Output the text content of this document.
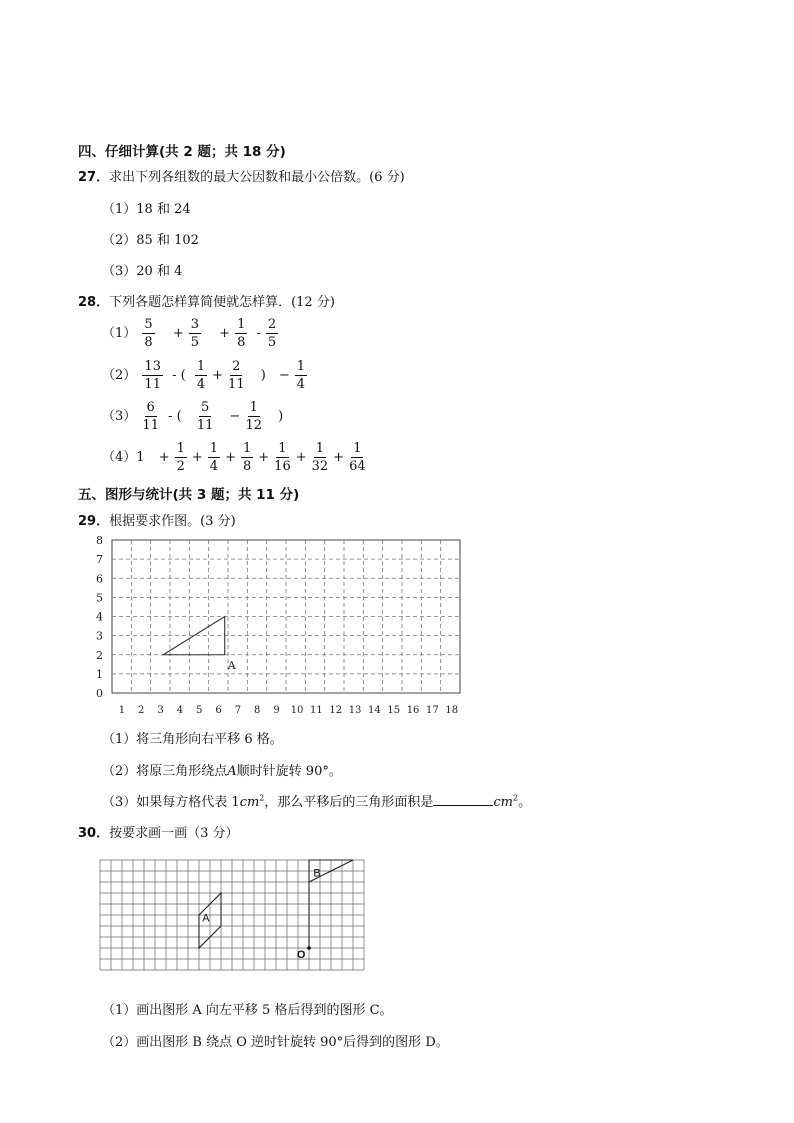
四、仔细计算(共 2 题；共 18 分)
27．求出下列各组数的最大公因数和最小公倍数。(6 分)
（1）18 和 24
（2）85 和 102
（3）20 和 4
28．下列各题怎样算简便就怎样算．(12 分)
$(1) \frac{5}{8} + \frac{3}{5} + \frac{1}{8} - \frac{2}{5}$
$(2) \frac{13}{11}$ - ( $\frac{1}{4} + \frac{2}{11}$ ) − $\frac{1}{4}$
$(3) \frac{6}{11}$ - ( $\frac{5}{11} - \frac{1}{12}$ )
$(4)1 + \frac{1}{2} + \frac{1}{4} + \frac{1}{8} + \frac{1}{16} + \frac{1}{32} + \frac{1}{64}$
五、图形与统计(共 3 题；共 11 分)
29．根据要求作图。(3 分)
0
1
2
3
4
5
6
7
8
1 2 3 4 5 6 7 8 9 10 11 12 13 14 15 16 17 18
A
（1）将三角形向右平移 6 格。
（2）将原三角形绕点A顺时针旋转 90°。
（3）如果每方格代表 $1cm^2$，那么平移后的三角形面积是	$cm^2$。
30．按要求画一画（3 分）
A
B
O
（1）画出图形 A 向左平移 5 格后得到的图形 C。
（2）画出图形 B 绕点 O 逆时针旋转 90°后得到的图形 D。
